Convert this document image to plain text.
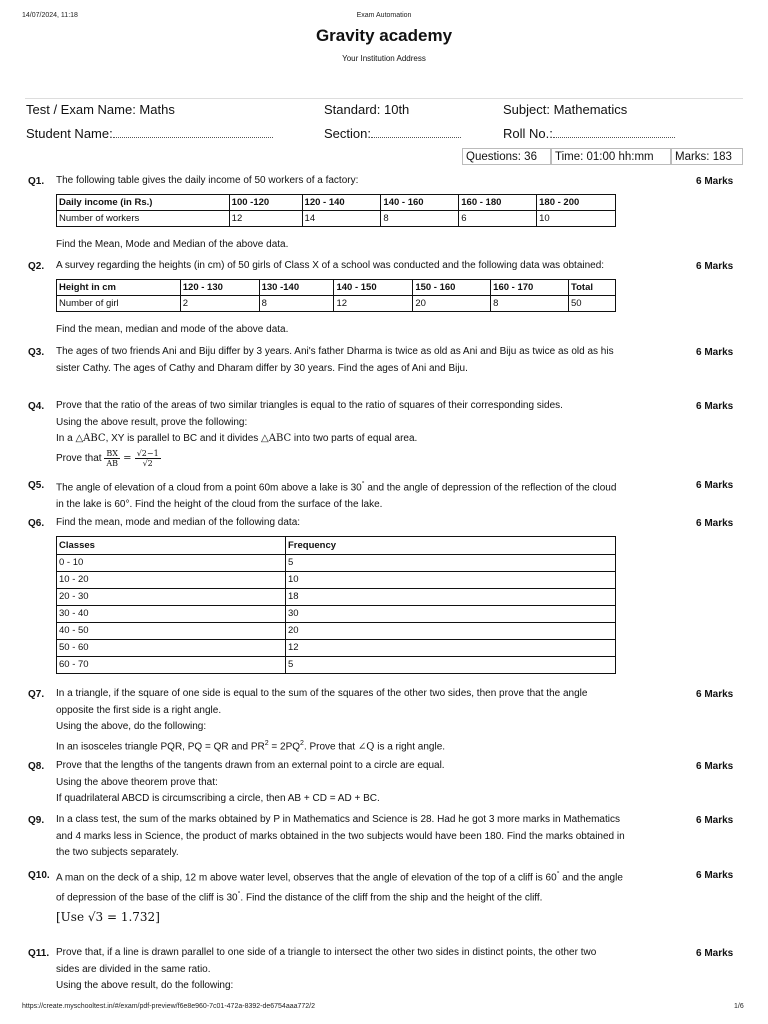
14/07/2024, 11:18	Exam Automation
Gravity academy
Your Institution Address
Test / Exam Name: Maths	Standard: 10th	Subject: Mathematics
Student Name:	Section:	Roll No.:
Questions: 36	Time: 01:00 hh:mm	Marks: 183
Q1. The following table gives the daily income of 50 workers of a factory:	6 Marks
Daily income (in Rs.)	100 -120	120 - 140	140 - 160	160 - 180	180 - 200
Number of workers	12	14	8	6	10
Find the Mean, Mode and Median of the above data.
Q2. A survey regarding the heights (in cm) of 50 girls of Class X of a school was conducted and the following data was obtained:	6 Marks
Height in cm	120 - 130	130 -140	140 - 150	150 - 160	160 - 170	Total
Number of girl	2	8	12	20	8	50
Find the mean, median and mode of the above data.
Q3.	6 Marks
The ages of two friends Ani and Biju differ by 3 years. Ani's father Dharma is twice as old as Ani and Biju as twice as old as his
sister Cathy. The ages of Cathy and Dharam differ by 30 years. Find the ages of Ani and Biju.
Q4.	6 Marks
Prove that the ratio of the areas of two similar triangles is equal to the ratio of squares of their corresponding sides.
Using the above result, prove the following:
In a △ABC, XY is parallel to BC and it divides △ABC into two parts of equal area.
Prove that $\frac{BX}{AB} = \frac{√2-1}{√2}$
Q5.	6 Marks
The angle of elevation of a cloud from a point 60m above a lake is 30° and the angle of depression of the reflection of the cloud
in the lake is 60°. Find the height of the cloud from the surface of the lake.
Q6. Find the mean, mode and median of the following data:	6 Marks
Classes	Frequency
0 - 10	5
10 - 20	10
20 - 30	18
30 - 40	30
40 - 50	20
50 - 60	12
60 - 70	5
Q7.	6 Marks
In a triangle, if the square of one side is equal to the sum of the squares of the other two sides, then prove that the angle
opposite the first side is a right angle.
Using the above, do the following:
In an isosceles triangle PQR, PQ = QR and $PR^2 = 2PQ^2$. Prove that ∠Q is a right angle.
Q8.	6 Marks
Prove that the lengths of the tangents drawn from an external point to a circle are equal.
Using the above theorem prove that:
If quadrilateral ABCD is circumscribing a circle, then AB + CD = AD + BC.
Q9.	6 Marks
In a class test, the sum of the marks obtained by P in Mathematics and Science is 28. Had he got 3 more marks in Mathematics
and 4 marks less in Science, the product of marks obtained in the two subjects would have been 180. Find the marks obtained in
the two subjects separately.
Q10.	6 Marks
A man on the deck of a ship, 12 m above water level, observes that the angle of elevation of the top of a cliff is 60° and the angle
of depression of the base of the cliff is 30°. Find the distance of the cliff from the ship and the height of the cliff.
[Use √3 = 1.732]
Q11.	6 Marks
Prove that, if a line is drawn parallel to one side of a triangle to intersect the other two sides in distinct points, the other two
sides are divided in the same ratio.
Using the above result, do the following:
https://create.myschooltest.in/#/exam/pdf-preview/f6e8e960-7c01-472a-8392-de6754aaa772/2	1/6
